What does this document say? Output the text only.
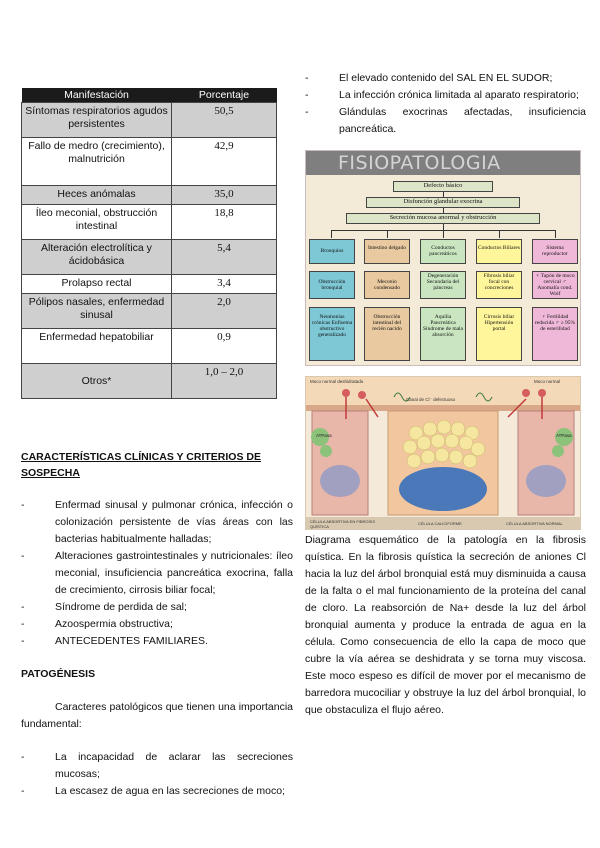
Manifestación	Porcentaje
Síntomas respiratorios agudos persistentes	50,5
Fallo de medro (crecimiento), malnutrición	42,9
Heces anómalas	35,0
Íleo meconial, obstrucción intestinal	18,8
Alteración electrolítica y ácidobásica	5,4
Prolapso rectal	3,4
Pólipos nasales, enfermedad sinusal	2,0
Enfermedad hepatobiliar	0,9
Otros*	1,0 – 2,0
CARACTERÍSTICAS CLÍNICAS Y CRITERIOS DE SOSPECHA
-	Enfermad sinusal y pulmonar crónica, infección o colonización persistente de vías áreas con las bacterias habitualmente halladas;
-	Alteraciones gastrointestinales y nutricionales: íleo meconial, insuficiencia pancreática exocrina, falla de crecimiento, cirrosis biliar focal;
-	Síndrome de perdida de sal;
-	Azoospermia obstructiva;
-	ANTECEDENTES FAMILIARES.
PATOGÉNESIS

Caracteres patológicos que tienen una importancia fundamental:

-	La incapacidad de aclarar las secreciones mucosas;
-	La escasez de agua en las secreciones de moco;
-	El elevado contenido del SAL EN EL SUDOR;
-	La infección crónica limitada al aparato respiratorio;
-	Glándulas exocrinas afectadas, insuficiencia pancreática.
FISIOPATOLOGIA
Defecto básico
Disfunción glandular exocrina
Secreción mucosa anormal y obstrucción
Bronquios	Intestino delgado	Conductos pancreáticos
Conductos Biliares	Sistema reproductor
Obstrucción bronquial
Meconio condensado
Degeneración Secundaria del páncreas
Fibrosis biliar focal con concreciones
♀ Tapón de moco cervical ♂ Anomalía cond. Wolf
Neumonías crónicas Enfisema obstructivo generalizado
Obstrucción intestinal del recién nacido
Aquilia Pancreática Síndrome de mala absorción
Cirrosis biliar Hipertensión portal
♀ Fertilidad reducida ♂ ≥ 95% de esterilidad
Moco normal deshidratado	Moco normal
Canal de Cl⁻ defectuoso
ATPasa	ATPasa
CÉLULA ABSORTIVA EN FIBROSIS QUÍSTICA	CÉLULA CALICIFORME	CÉLULA ABSORTIVA NORMAL
Diagrama esquemático de la patología en la fibrosis quística. En la fibrosis quística la secreción de aniones Cl hacia la luz del árbol bronquial está muy disminuida a causa de la falta o el mal funcionamiento de la proteína del canal de cloro. La reabsorción de Na+ desde la luz del árbol bronquial aumenta y produce la entrada de agua en la célula. Como consecuencia de ello la capa de moco que cubre la vía aérea se deshidrata y se torna muy viscosa. Este moco espeso es difícil de mover por el mecanismo de barredora mucociliar y obstruye la luz del árbol bronquial, lo que obstaculiza el flujo aéreo.
